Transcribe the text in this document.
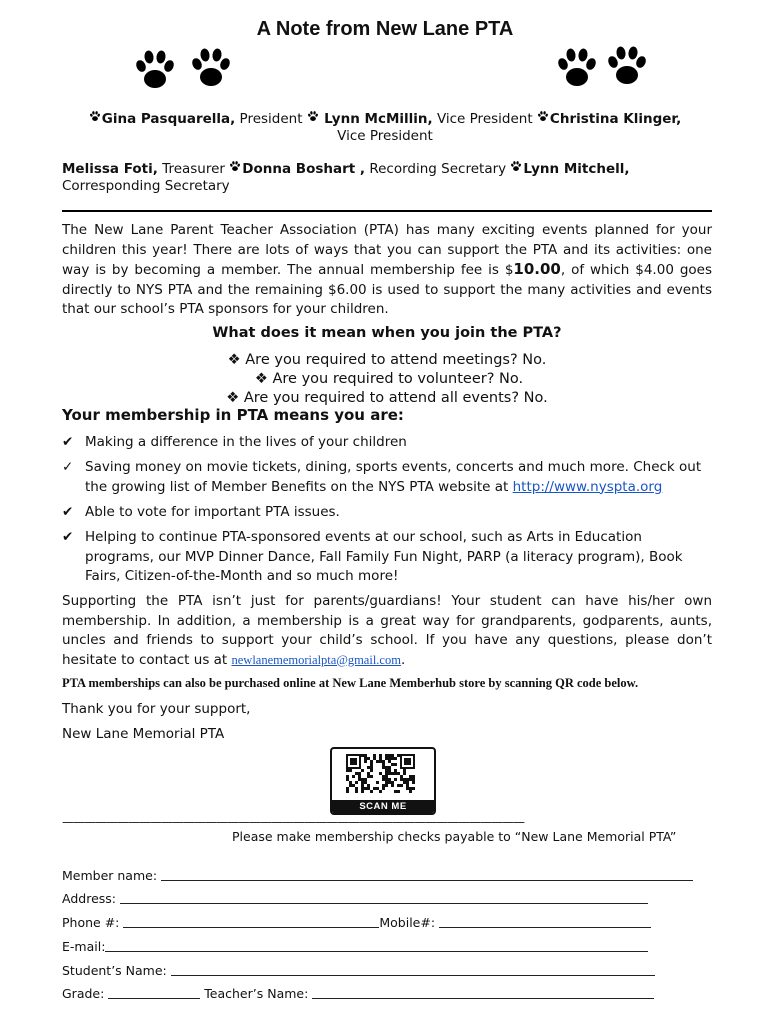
A Note from New Lane PTA
Gina Pasquarella, President  Lynn McMillin, Vice President Christina Klinger,
Vice President
Melissa Foti, Treasurer Donna Boshart , Recording Secretary Lynn Mitchell,
Corresponding Secretary
The New Lane Parent Teacher Association (PTA) has many exciting events planned for your children this year! There are lots of ways that you can support the PTA and its activities: one way is by becoming a member. The annual membership fee is $10.00, of which $4.00 goes directly to NYS PTA and the remaining $6.00 is used to support the many activities and events that our school’s PTA sponsors for your children.
What does it mean when you join the PTA?
❖ Are you required to attend meetings? No.
❖ Are you required to volunteer? No.
❖ Are you required to attend all events? No.
Your membership in PTA means you are:
✔ Making a difference in the lives of your children
✓ Saving money on movie tickets, dining, sports events, concerts and much more. Check out the growing list of Member Benefits on the NYS PTA website at http://www.nyspta.org
✔ Able to vote for important PTA issues.
✔ Helping to continue PTA-sponsored events at our school, such as Arts in Education programs, our MVP Dinner Dance, Fall Family Fun Night, PARP (a literacy program), Book Fairs, Citizen-of-the-Month and so much more!
Supporting the PTA isn’t just for parents/guardians! Your student can have his/her own membership. In addition, a membership is a great way for grandparents, godparents, aunts, uncles and friends to support your child’s school. If you have any questions, please don’t hesitate to contact us at newlanememorialpta@gmail.com.
PTA memberships can also be purchased online at New Lane Memberhub store by scanning QR code below.
Thank you for your support,
New Lane Memorial PTA
SCAN ME
——————————————————————————————————————————
Please make membership checks payable to “New Lane Memorial PTA”
Member name:
Address:
Phone #:	Mobile#:
E-mail:
Student’s Name:
Grade:	Teacher’s Name:
